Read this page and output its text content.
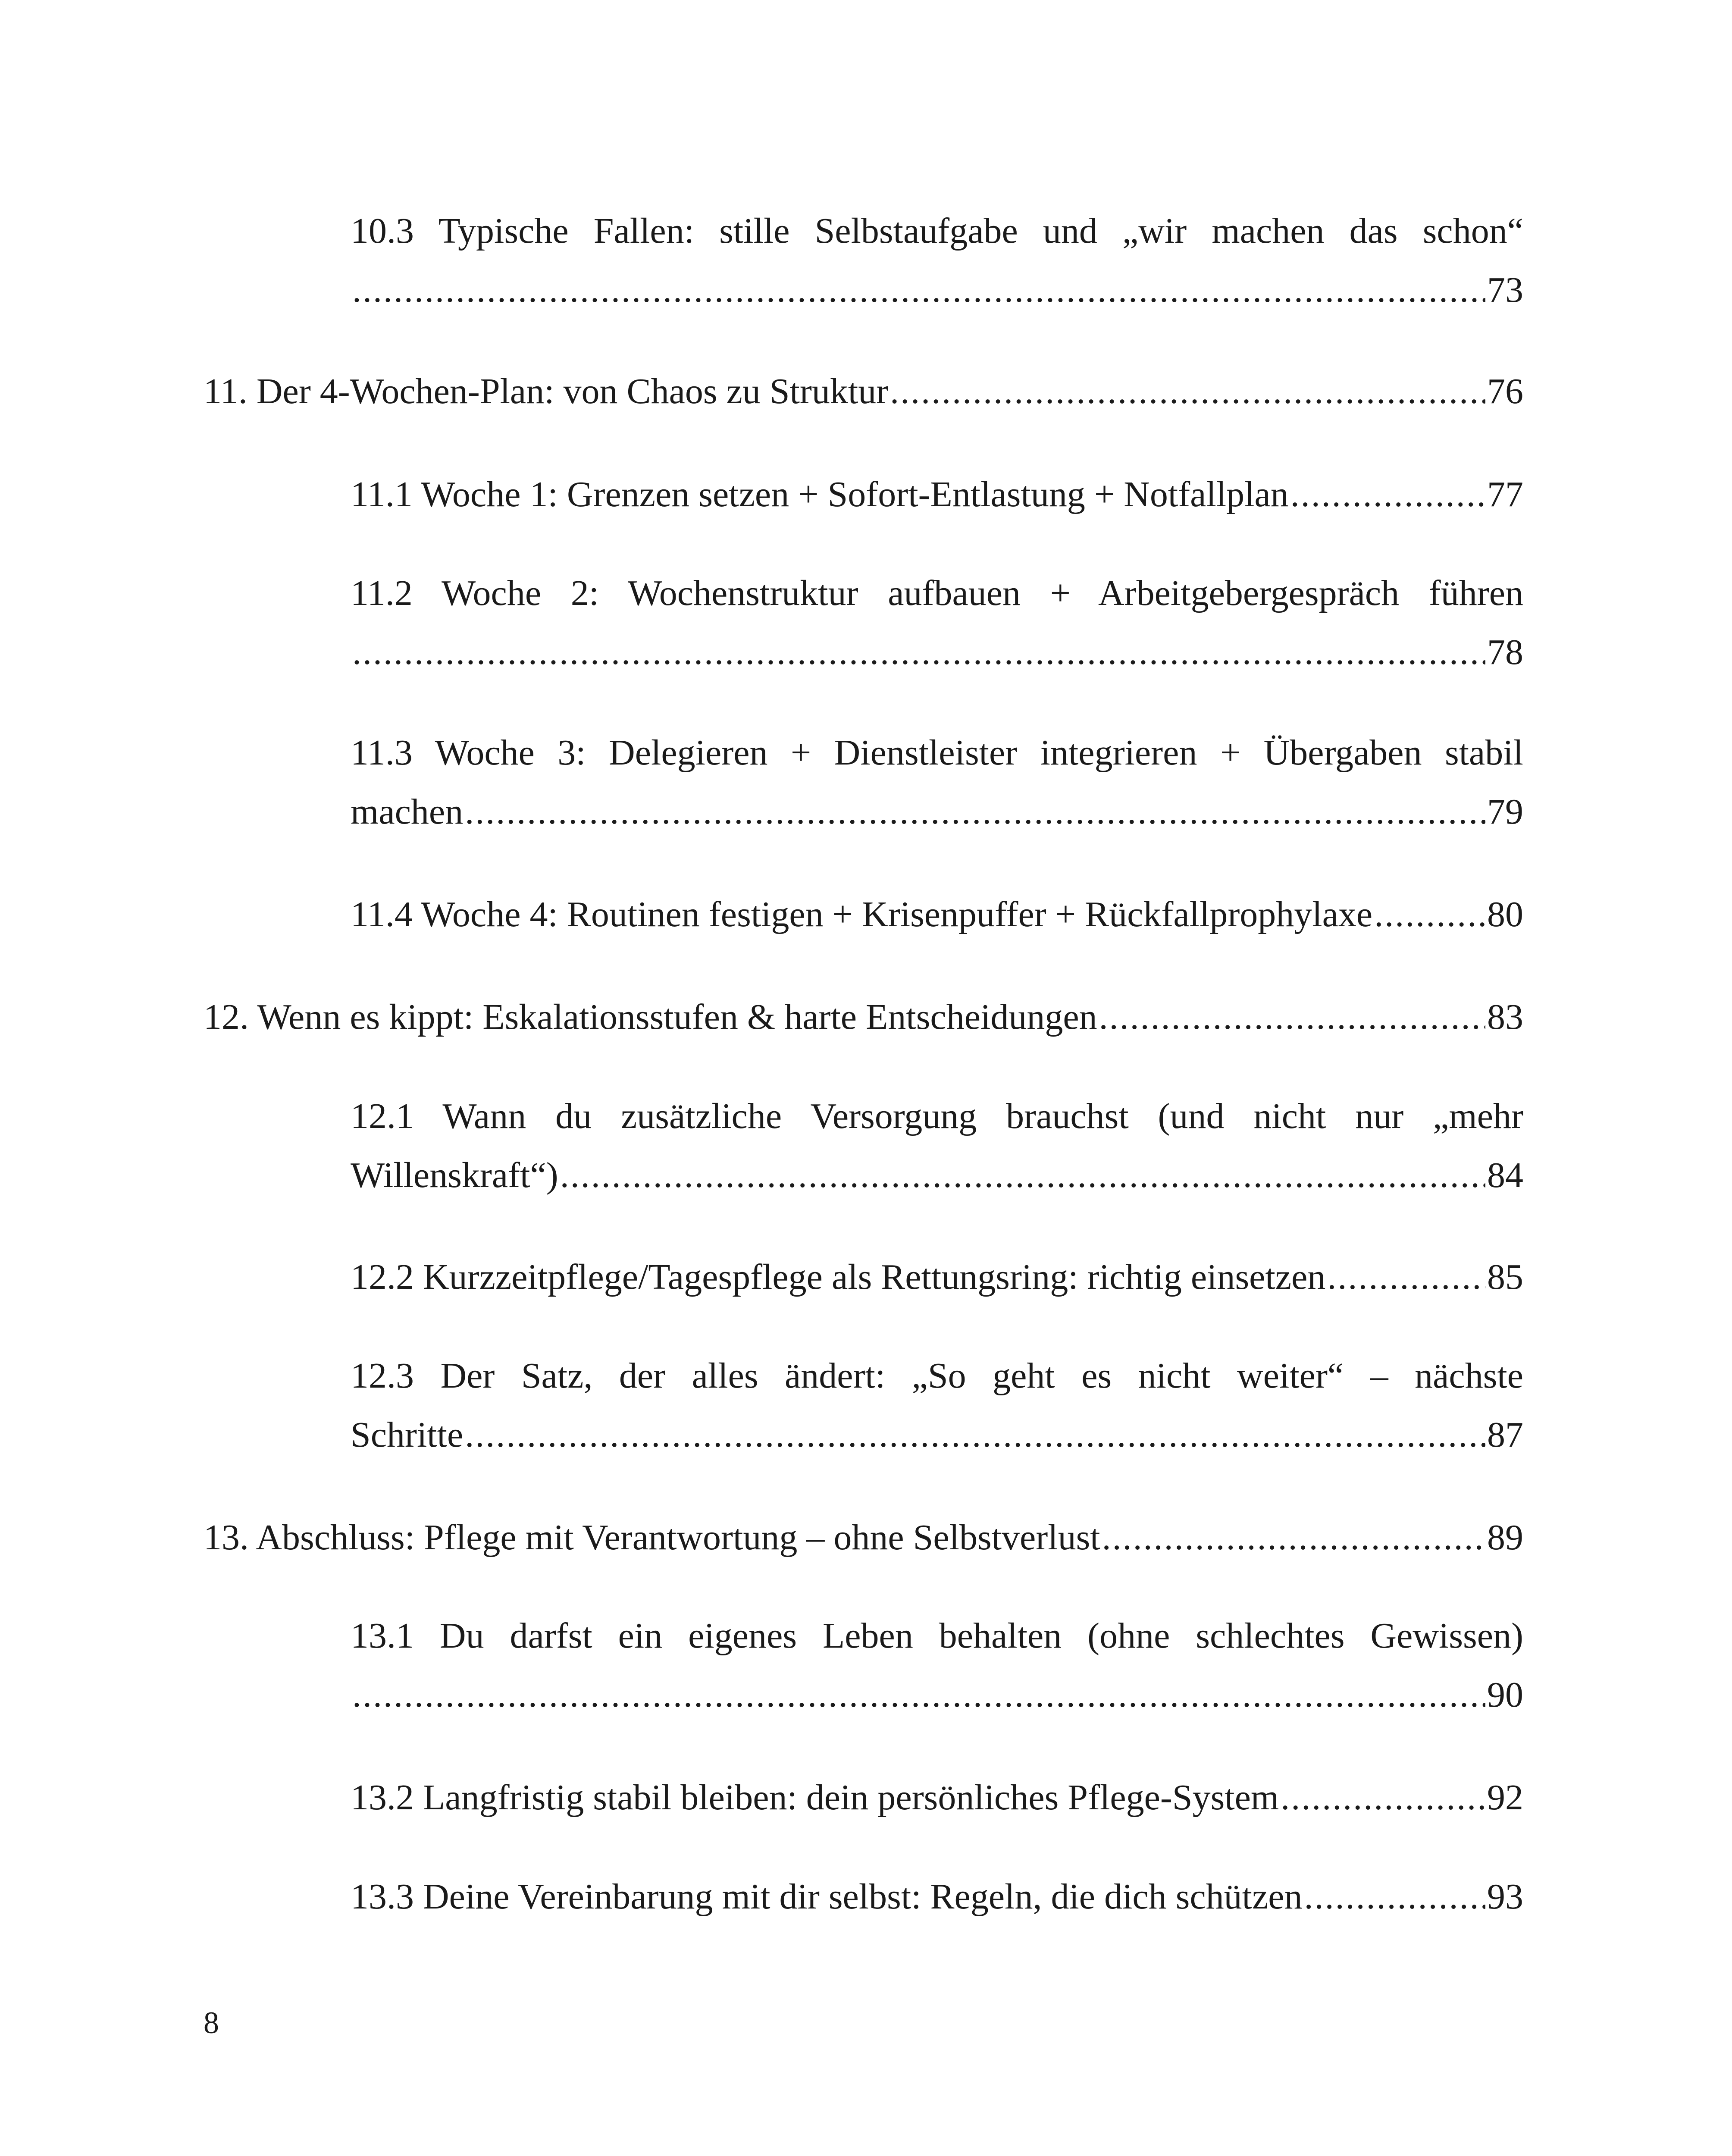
10.3 Typische Fallen: stille Selbstaufgabe und „wir machen das schon“
.....
73
11. Der 4-Wochen-Plan: von Chaos zu Struktur .....	76
11.1 Woche 1: Grenzen setzen + Sofort-Entlastung + Notfallplan .....	77
11.2 Woche 2: Wochenstruktur aufbauen + Arbeitgebergespräch führen
.....
78
11.3 Woche 3: Delegieren + Dienstleister integrieren + Übergaben stabil
machen .....	79
11.4 Woche 4: Routinen festigen + Krisenpuffer + Rückfallprophylaxe .....	80
12. Wenn es kippt: Eskalationsstufen & harte Entscheidungen .....	83
12.1 Wann du zusätzliche Versorgung brauchst (und nicht nur „mehr
Willenskraft“) .....	84
12.2 Kurzzeitpflege/Tagespflege als Rettungsring: richtig einsetzen .....	85
12.3 Der Satz, der alles ändert: „So geht es nicht weiter“ – nächste
Schritte .....	87
13. Abschluss: Pflege mit Verantwortung – ohne Selbstverlust .....	89
13.1 Du darfst ein eigenes Leben behalten (ohne schlechtes Gewissen)
.....
90
13.2 Langfristig stabil bleiben: dein persönliches Pflege-System .....	92
13.3 Deine Vereinbarung mit dir selbst: Regeln, die dich schützen .....	93
8
